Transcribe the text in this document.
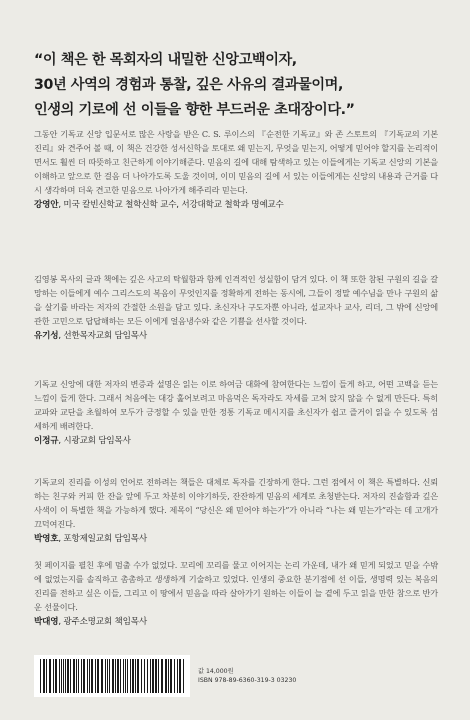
“이 책은 한 목회자의 내밀한 신앙고백이자,
30년 사역의 경험과 통찰, 깊은 사유의 결과물이며,
인생의 기로에 선 이들을 향한 부드러운 초대장이다.”

그동안 기독교 신앙 입문서로 많은 사랑을 받은 C. S. 루이스의 『순전한 기독교』와 존 스토트의 『기독교의 기본 진리』와 견주어 볼 때, 이 책은 건강한 성서신학을 토대로 왜 믿는지, 무엇을 믿는지, 어떻게 믿어야 할지를 논리적이면서도 훨씬 더 따뜻하고 친근하게 이야기해준다. 믿음의 길에 대해 탐색하고 있는 이들에게는 기독교 신앙의 기본을 이해하고 앞으로 한 걸음 더 나아가도록 도울 것이며, 이미 믿음의 길에 서 있는 이들에게는 신앙의 내용과 근거를 다시 생각하며 더욱 견고한 믿음으로 나아가게 해주리라 믿는다.

강영안, 미국 칼빈신학교 철학신학 교수, 서강대학교 철학과 명예교수

김영봉 목사의 글과 책에는 깊은 사고의 탁월함과 함께 인격적인 성실함이 담겨 있다. 이 책 또한 참된 구원의 길을 갈망하는 이들에게 예수 그리스도의 복음이 무엇인지를 정확하게 전하는 동시에, 그들이 정말 예수님을 만나 구원의 삶을 살기를 바라는 저자의 간절한 소원을 담고 있다. 초신자나 구도자뿐 아니라, 설교자나 교사, 리더, 그 밖에 신앙에 관한 고민으로 답답해하는 모든 이에게 얼음냉수와 같은 기쁨을 선사할 것이다.

유기성, 선한목자교회 담임목사

기독교 신앙에 대한 저자의 변증과 설명은 읽는 이로 하여금 대화에 참여한다는 느낌이 들게 하고, 어떤 고백을 듣는 느낌이 들게 한다. 그래서 처음에는 대강 훑어보려고 마음먹은 독자라도 자세를 고쳐 앉지 않을 수 없게 만든다. 특히 교파와 교단을 초월하여 모두가 긍정할 수 있을 만한 정통 기독교 메시지를 초신자가 쉽고 즐거이 읽을 수 있도록 섬세하게 배려한다.

이정규, 시광교회 담임목사

기독교의 진리를 이성의 언어로 전하려는 책들은 대체로 독자를 긴장하게 한다. 그런 점에서 이 책은 특별하다. 신뢰하는 친구와 커피 한 잔을 앞에 두고 차분히 이야기하듯, 잔잔하게 믿음의 세계로 초청받는다. 저자의 진솔함과 깊은 사색이 이 특별한 책을 가능하게 했다. 제목이 “당신은 왜 믿어야 하는가”가 아니라 “나는 왜 믿는가”라는 데 고개가 끄덕여진다.

박영호, 포항제일교회 담임목사

첫 페이지를 펼친 후에 멈출 수가 없었다. 꼬리에 꼬리를 물고 이어지는 논리 가운데, 내가 왜 믿게 되었고 믿을 수밖에 없었는지를 솔직하고 촘촘하고 생생하게 기술하고 있었다. 인생의 중요한 분기점에 선 이들, 생명력 있는 복음의 진리를 전하고 싶은 이들, 그리고 이 땅에서 믿음을 따라 살아가기 원하는 이들이 늘 곁에 두고 읽을 만한 참으로 반가운 선물이다.

박대영, 광주소명교회 책임목사
값 14,000원
ISBN 978-89-6360-319-3 03230
